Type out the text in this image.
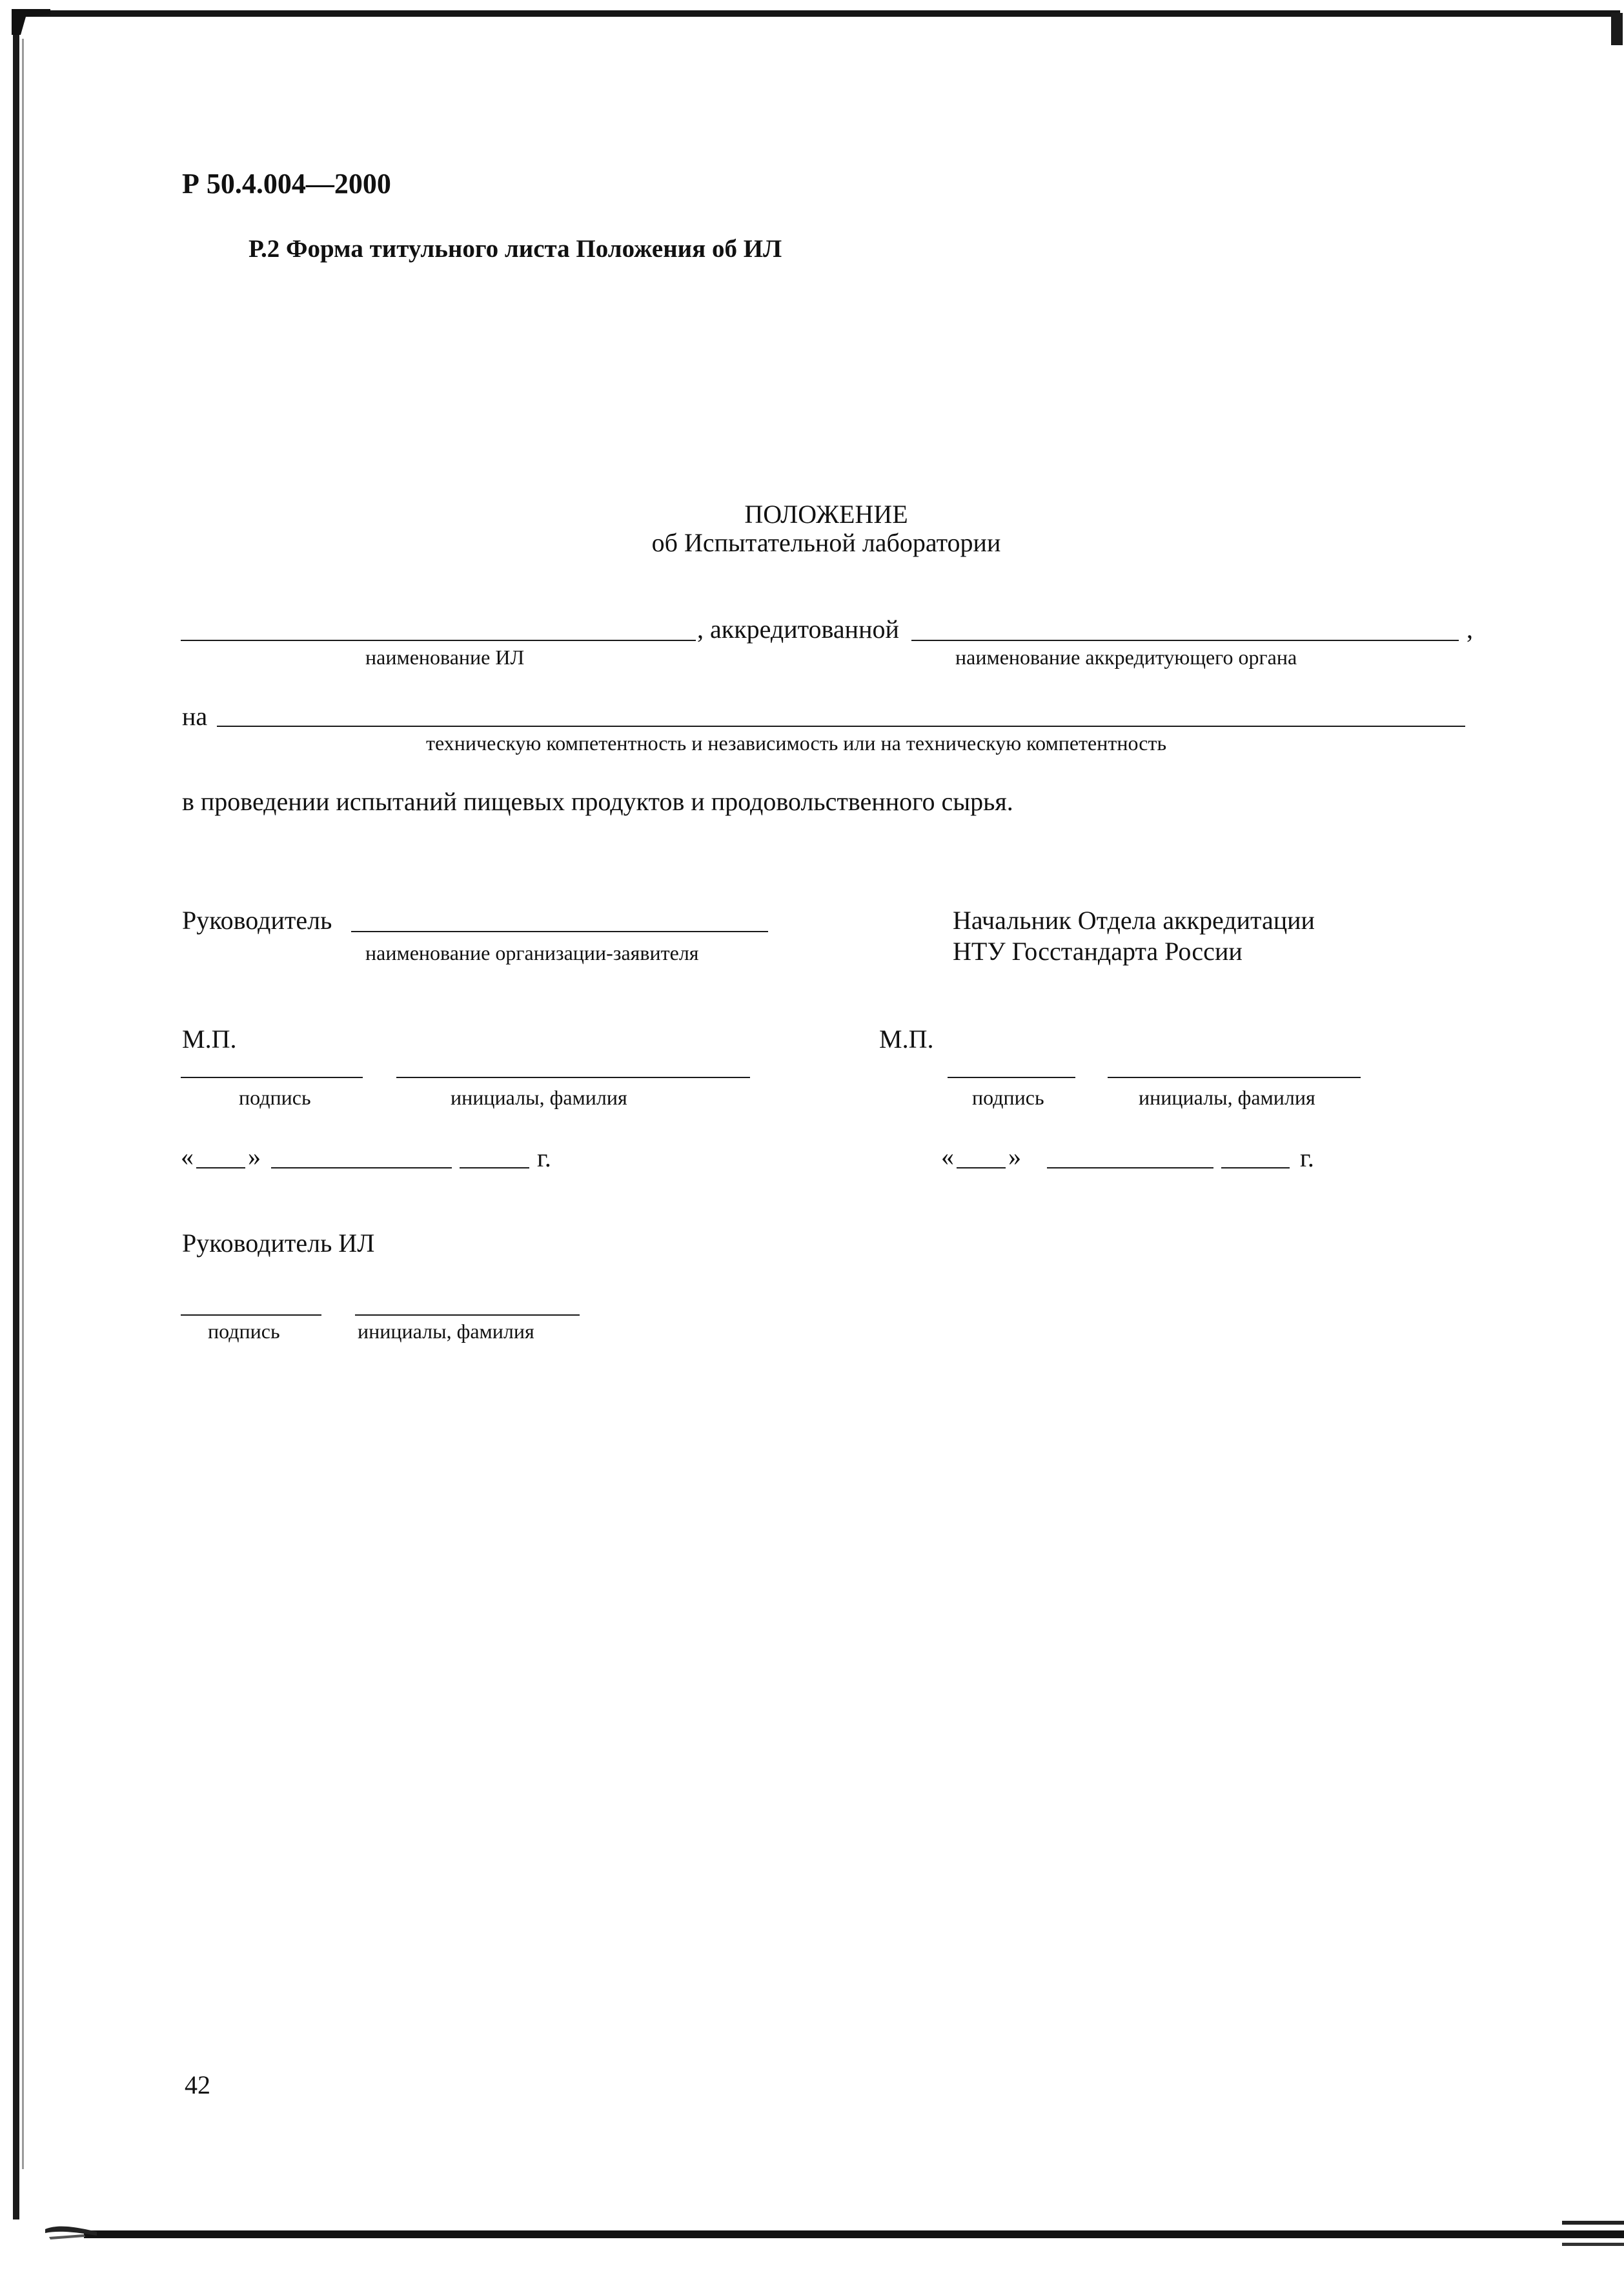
Р 50.4.004—2000
Р.2 Форма титульного листа Положения об ИЛ
ПОЛОЖЕНИЕ
об Испытательной лаборатории
, аккредитованной	,
наименование ИЛ	наименование аккредитующего органа
на
техническую компетентность и независимость или на техническую компетентность
в проведении испытаний пищевых продуктов и продовольственного сырья.
Руководитель
наименование организации-заявителя
М.П.
подпись	инициалы, фамилия
« »	г.
Начальник Отдела аккредитации
НТУ Госстандарта России
М.П.
подпись	инициалы, фамилия
« »	г.
Руководитель ИЛ
подпись	инициалы, фамилия
42
